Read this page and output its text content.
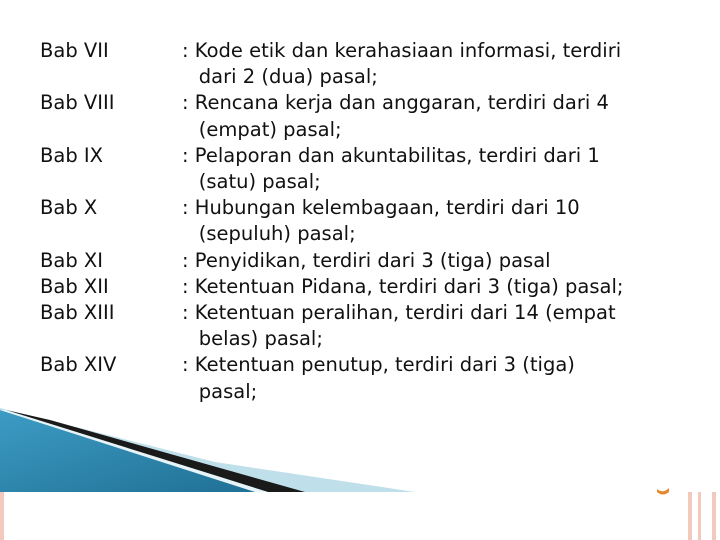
Bab VII	: Kode etik dan kerahasiaan informasi, terdiri
dari 2 (dua) pasal;
Bab VIII	: Rencana kerja dan anggaran, terdiri dari 4
(empat) pasal;
Bab IX	: Pelaporan dan akuntabilitas, terdiri dari 1
(satu) pasal;
Bab X	: Hubungan kelembagaan, terdiri dari 10
(sepuluh) pasal;
Bab XI	: Penyidikan, terdiri dari 3 (tiga) pasal
Bab XII	: Ketentuan Pidana, terdiri dari 3 (tiga) pasal;
Bab XIII	: Ketentuan peralihan, terdiri dari 14 (empat
belas) pasal;
Bab XIV	: Ketentuan penutup, terdiri dari 3 (tiga)
pasal;
